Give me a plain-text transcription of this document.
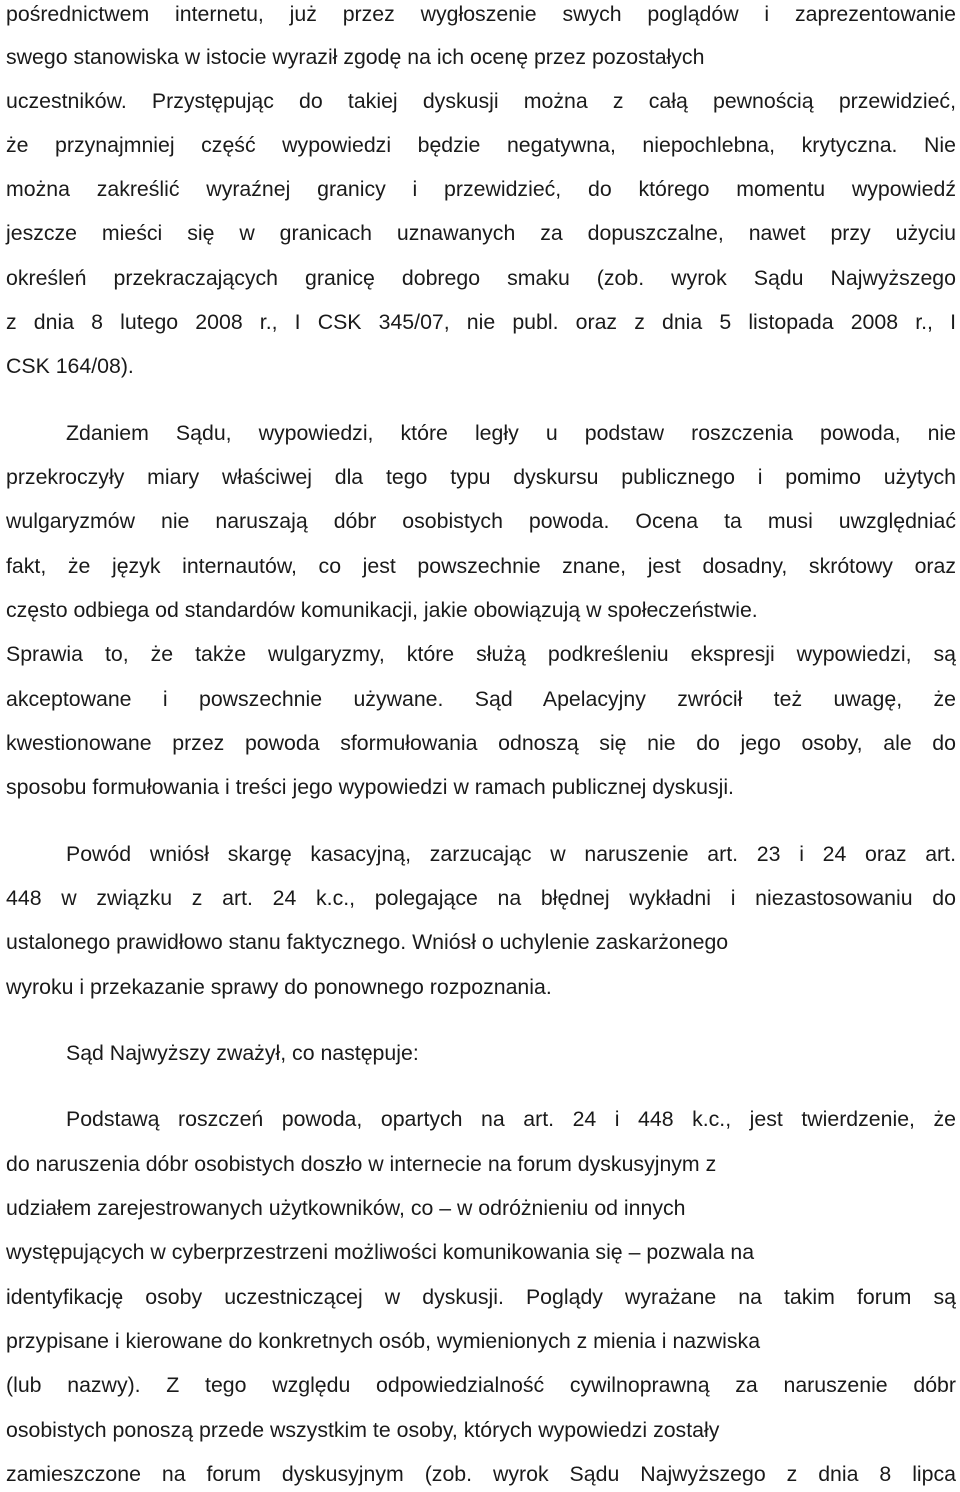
pośrednictwem internetu, już przez wygłoszenie swych poglądów i zaprezentowanie
swego stanowiska w istocie wyraził zgodę na ich ocenę przez pozostałych
uczestników. Przystępując do takiej dyskusji można z całą pewnością przewidzieć,
że przynajmniej część wypowiedzi będzie negatywna, niepochlebna, krytyczna. Nie
można zakreślić wyraźnej granicy i przewidzieć, do którego momentu wypowiedź
jeszcze mieści się w granicach uznawanych za dopuszczalne, nawet przy użyciu
określeń przekraczających granicę dobrego smaku (zob. wyrok Sądu Najwyższego
z dnia 8 lutego 2008 r., I CSK 345/07, nie publ. oraz z dnia 5 listopada 2008 r., I
CSK 164/08).
Zdaniem Sądu, wypowiedzi, które legły u podstaw roszczenia powoda, nie
przekroczyły miary właściwej dla tego typu dyskursu publicznego i pomimo użytych
wulgaryzmów nie naruszają dóbr osobistych powoda. Ocena ta musi uwzględniać
fakt, że język internautów, co jest powszechnie znane, jest dosadny, skrótowy oraz
często odbiega od standardów komunikacji, jakie obowiązują w społeczeństwie.
Sprawia to, że także wulgaryzmy, które służą podkreśleniu ekspresji wypowiedzi, są
akceptowane i powszechnie używane. Sąd Apelacyjny zwrócił też uwagę, że
kwestionowane przez powoda sformułowania odnoszą się nie do jego osoby, ale do
sposobu formułowania i treści jego wypowiedzi w ramach publicznej dyskusji.
Powód wniósł skargę kasacyjną, zarzucając w naruszenie art. 23 i 24 oraz art.
448 w związku z art. 24 k.c., polegające na błędnej wykładni i niezastosowaniu do
ustalonego prawidłowo stanu faktycznego. Wniósł o uchylenie zaskarżonego
wyroku i przekazanie sprawy do ponownego rozpoznania.
Sąd Najwyższy zważył, co następuje:
Podstawą roszczeń powoda, opartych na art. 24 i 448 k.c., jest twierdzenie, że
do naruszenia dóbr osobistych doszło w internecie na forum dyskusyjnym z
udziałem zarejestrowanych użytkowników, co – w odróżnieniu od innych
występujących w cyberprzestrzeni możliwości komunikowania się – pozwala na
identyfikację osoby uczestniczącej w dyskusji. Poglądy wyrażane na takim forum są
przypisane i kierowane do konkretnych osób, wymienionych z mienia i nazwiska
(lub nazwy). Z tego względu odpowiedzialność cywilnoprawną za naruszenie dóbr
osobistych ponoszą przede wszystkim te osoby, których wypowiedzi zostały
zamieszczone na forum dyskusyjnym (zob. wyrok Sądu Najwyższego z dnia 8 lipca
